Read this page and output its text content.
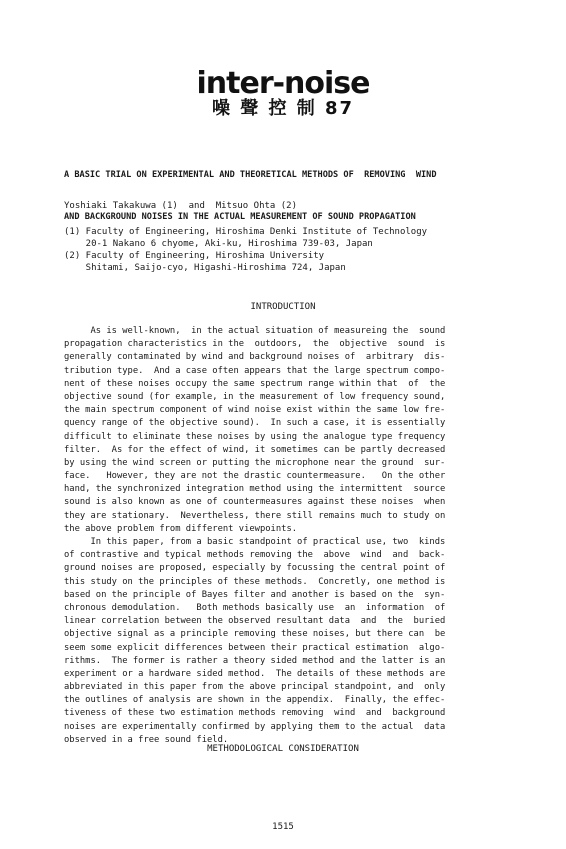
inter-noise
噪 聲 控 制 87

A BASIC TRIAL ON EXPERIMENTAL AND THEORETICAL METHODS OF  REMOVING  WIND

AND BACKGROUND NOISES IN THE ACTUAL MEASUREMENT OF SOUND PROPAGATION

Yoshiaki Takakuwa (1)  and  Mitsuo Ohta (2)
(1) Faculty of Engineering, Hiroshima Denki Institute of Technology
20-1 Nakano 6 chyome, Aki-ku, Hiroshima 739-03, Japan
(2) Faculty of Engineering, Hiroshima University
Shitami, Saijo-cyo, Higashi-Hiroshima 724, Japan
INTRODUCTION
As is well-known,  in the actual situation of measureing the  sound
propagation characteristics in the  outdoors,  the  objective  sound  is
generally contaminated by wind and background noises of  arbitrary  dis-
tribution type.  And a case often appears that the large spectrum compo-
nent of these noises occupy the same spectrum range within that  of  the
objective sound (for example, in the measurement of low frequency sound,
the main spectrum component of wind noise exist within the same low fre-
quency range of the objective sound).  In such a case, it is essentially
difficult to eliminate these noises by using the analogue type frequency
filter.  As for the effect of wind, it sometimes can be partly decreased
by using the wind screen or putting the microphone near the ground  sur-
face.   However, they are not the drastic countermeasure.   On the other
hand, the synchronized integration method using the intermittent  source
sound is also known as one of countermeasures against these noises  when
they are stationary.  Nevertheless, there still remains much to study on
the above problem from different viewpoints.
In this paper, from a basic standpoint of practical use, two  kinds
of contrastive and typical methods removing the  above  wind  and  back-
ground noises are proposed, especially by focussing the central point of
this study on the principles of these methods.  Concretly, one method is
based on the principle of Bayes filter and another is based on the  syn-
chronous demodulation.   Both methods basically use  an  information  of
linear correlation between the observed resultant data  and  the  buried
objective signal as a principle removing these noises, but there can  be
seem some explicit differences between their practical estimation  algo-
rithms.  The former is rather a theory sided method and the latter is an
experiment or a hardware sided method.  The details of these methods are
abbreviated in this paper from the above principal standpoint, and  only
the outlines of analysis are shown in the appendix.  Finally, the effec-
tiveness of these two estimation methods removing  wind  and  background
noises are experimentally confirmed by applying them to the actual  data
observed in a free sound field.
METHODOLOGICAL CONSIDERATION
1515
